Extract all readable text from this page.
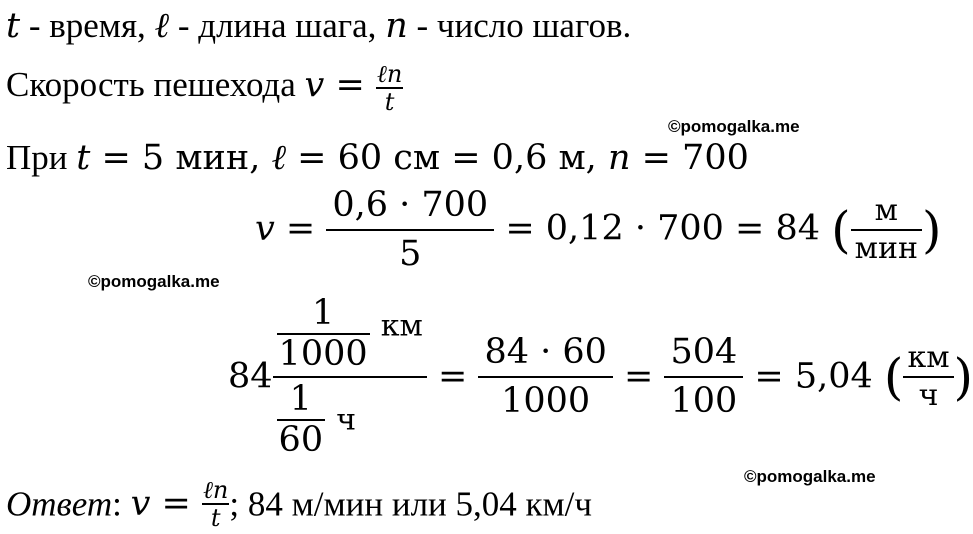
t - время, ℓ - длина шага, n - число шагов.
Скорость пешехода $v = \frac{\text{ℓn}}{t}$
©pomogalka.me
При t = 5 мин, ℓ = 60 см = 0,6 м, n = 700
$v = \frac{0,6 \cdot 700}{5} = 0,12 \cdot 700 = 84$ ( $\frac{м}{\text{мин}}$ )
©pomogalka.me
$84 \frac{\frac{1}{1000} км}{\frac{1}{60} ч} = \frac{84 \cdot 60}{1000} = \frac{504}{100} = 5,04$ ( $\frac{км}{ч}$ )
©pomogalka.me
Ответ: $v = \frac{\text{ℓn}}{t}$ ; 84 м/мин или 5,04 км/ч
